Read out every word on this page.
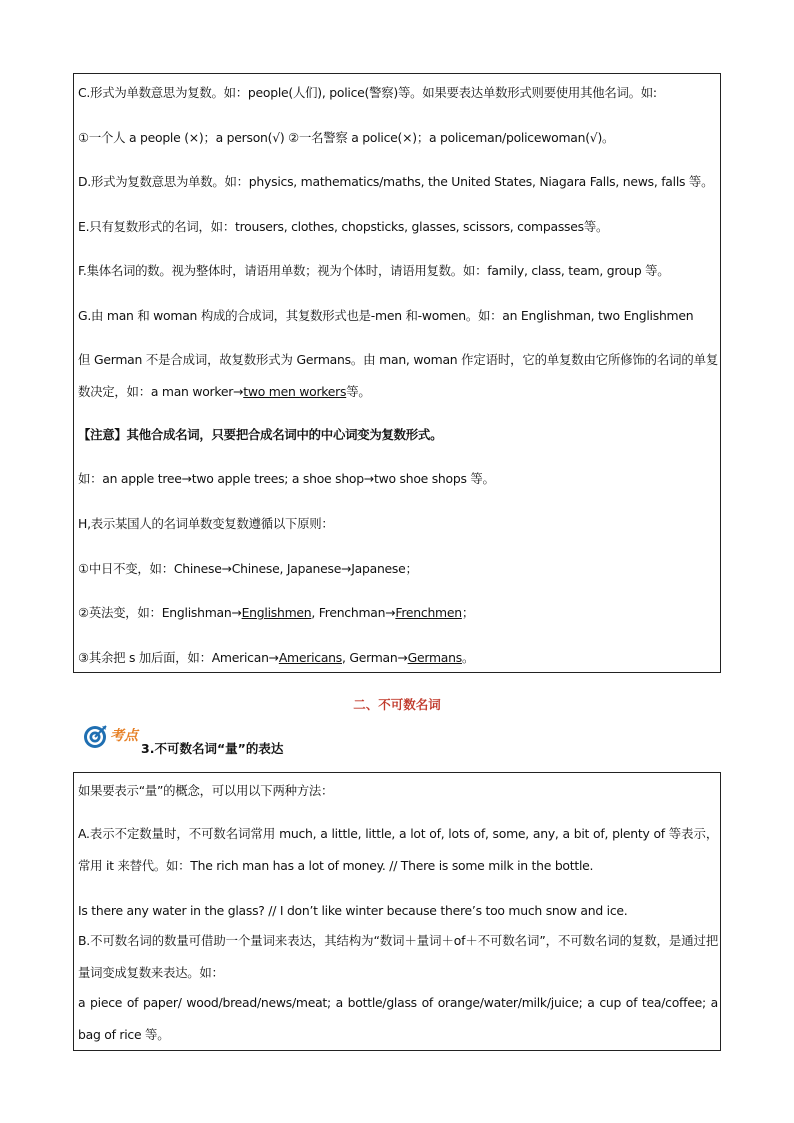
C.形式为单数意思为复数。如：people(人们), police(警察)等。如果要表达单数形式则要使用其他名词。如:
①一个人 a people (×)；a person(√) ②一名警察 a police(×)；a policeman/policewoman(√)。
D.形式为复数意思为单数。如：physics, mathematics/maths, the United States, Niagara Falls, news, falls 等。
E.只有复数形式的名词，如：trousers, clothes, chopsticks, glasses, scissors, compasses等。
F.集体名词的数。视为整体时，请语用单数；视为个体时，请语用复数。如：family, class, team, group 等。
G.由 man 和 woman 构成的合成词，其复数形式也是-men 和-women。如：an Englishman, two Englishmen
但 German 不是合成词，故复数形式为 Germans。由 man, woman 作定语时，它的单复数由它所修饰的名词的单复数决定，如：a man worker→two men workers等。
【注意】其他合成名词，只要把合成名词中的中心词变为复数形式。
如：an apple tree→two apple trees; a shoe shop→two shoe shops 等。
H,表示某国人的名词单数变复数遵循以下原则：
①中日不变，如：Chinese→Chinese, Japanese→Japanese；
②英法变，如：Englishman→Englishmen, Frenchman→Frenchmen；
③其余把 s 加后面，如：American→Americans, German→Germans。
二、不可数名词
考点
3.不可数名词“量”的表达
如果要表示“量”的概念，可以用以下两种方法：
A.表示不定数量时，不可数名词常用 much, a little, little, a lot of, lots of, some, any, a bit of, plenty of 等表示，常用 it 来替代。如：The rich man has a lot of money. // There is some milk in the bottle.
Is there any water in the glass? // I don’t like winter because there’s too much snow and ice.
B.不可数名词的数量可借助一个量词来表达，其结构为“数词＋量词＋of＋不可数名词”，不可数名词的复数，是通过把量词变成复数来表达。如：
a piece of paper/ wood/bread/news/meat; a bottle/glass of orange/water/milk/juice; a cup of tea/coffee; a bag of rice 等。
